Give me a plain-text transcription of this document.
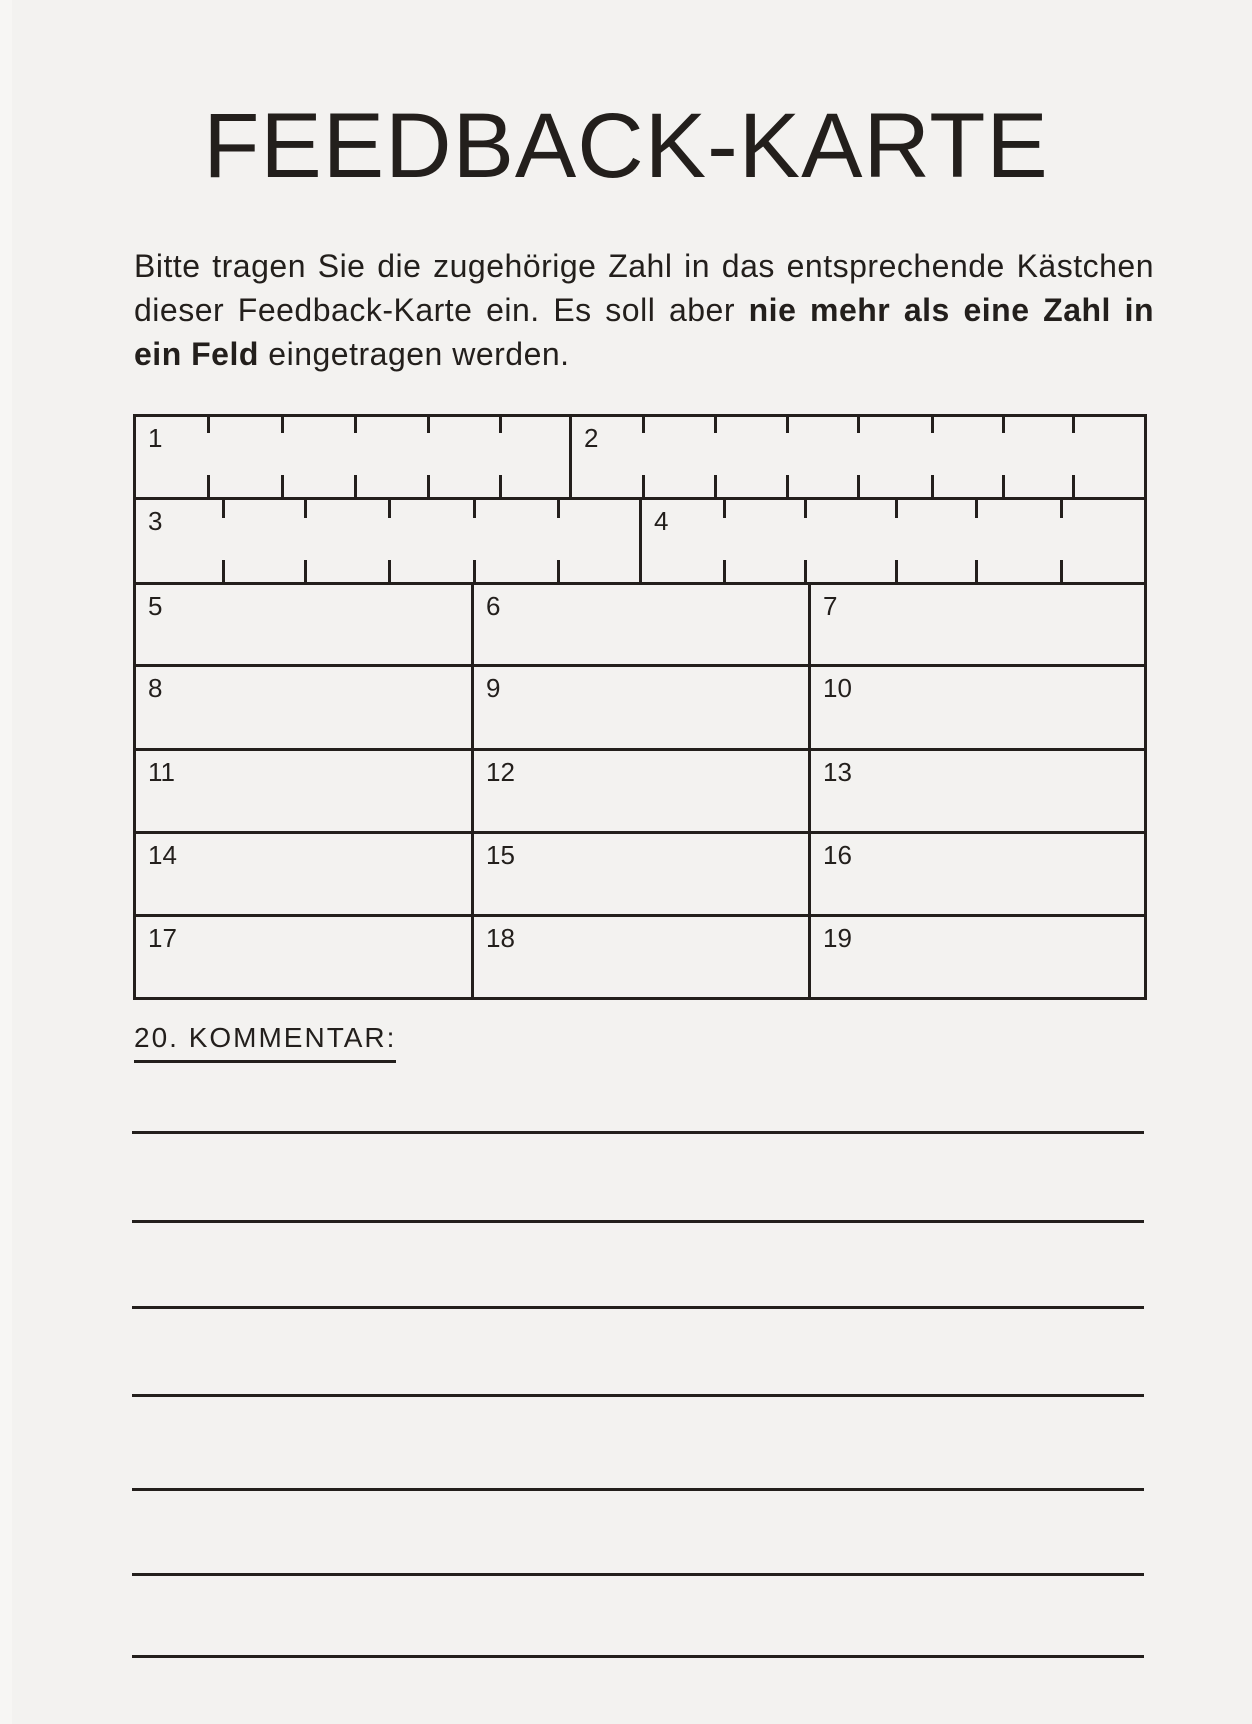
FEEDBACK-KARTE
Bitte tragen Sie die zugehörige Zahl in das entsprechende Kästchen dieser Feedback-Karte ein. Es soll aber nie mehr als eine Zahl in ein Feld eingetragen werden.
1	2
3	4
5	6	7
8	9	10
11	12	13
14	15	16
17	18	19
20. KOMMENTAR:
